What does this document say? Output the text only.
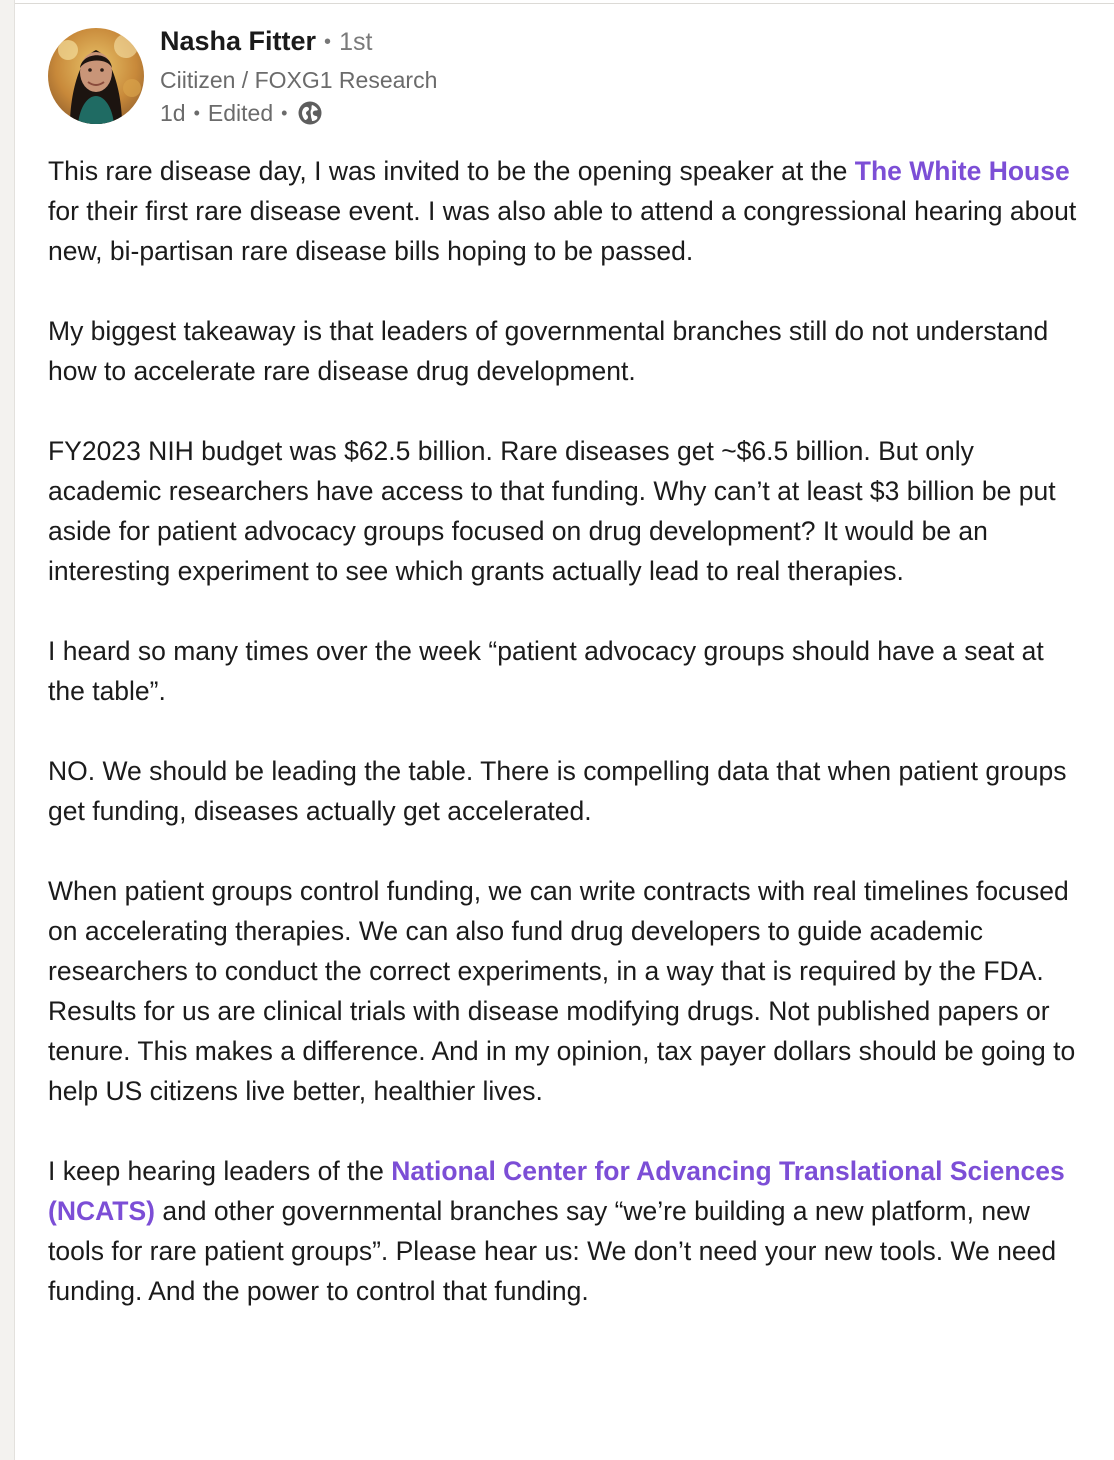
Nasha Fitter • 1st
Ciitizen / FOXG1 Research
1d • Edited •

This rare disease day, I was invited to be the opening speaker at the The White House for their first rare disease event. I was also able to attend a congressional hearing about new, bi-partisan rare disease bills hoping to be passed.

My biggest takeaway is that leaders of governmental branches still do not understand how to accelerate rare disease drug development.

FY2023 NIH budget was $62.5 billion. Rare diseases get ~$6.5 billion. But only academic researchers have access to that funding. Why can’t at least $3 billion be put aside for patient advocacy groups focused on drug development? It would be an interesting experiment to see which grants actually lead to real therapies.

I heard so many times over the week “patient advocacy groups should have a seat at the table”.

NO. We should be leading the table. There is compelling data that when patient groups get funding, diseases actually get accelerated.

When patient groups control funding, we can write contracts with real timelines focused on accelerating therapies. We can also fund drug developers to guide academic researchers to conduct the correct experiments, in a way that is required by the FDA. Results for us are clinical trials with disease modifying drugs. Not published papers or tenure. This makes a difference. And in my opinion, tax payer dollars should be going to help US citizens live better, healthier lives.

I keep hearing leaders of the National Center for Advancing Translational Sciences (NCATS) and other governmental branches say “we’re building a new platform, new tools for rare patient groups”. Please hear us: We don’t need your new tools. We need funding. And the power to control that funding.
